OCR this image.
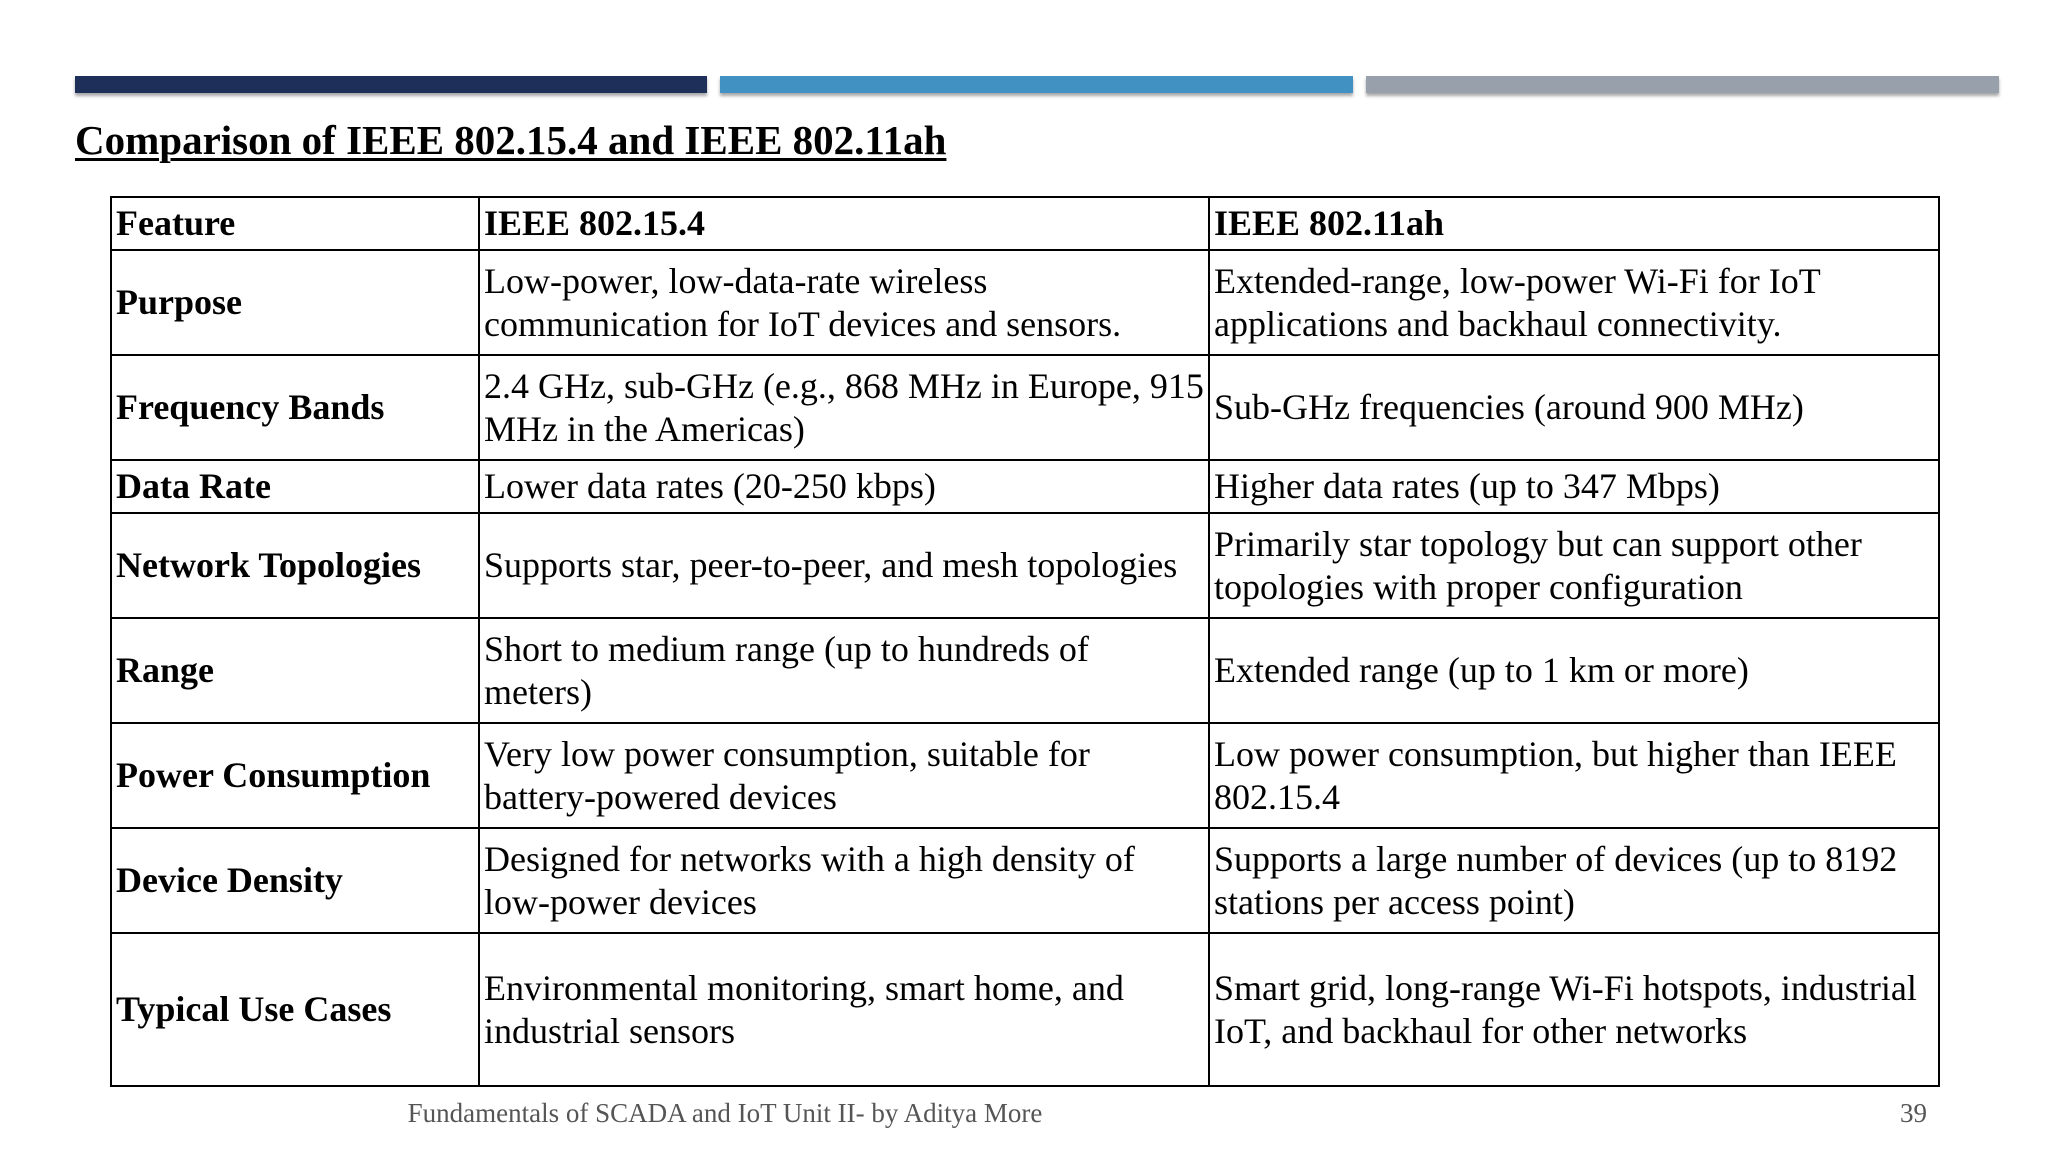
Comparison of IEEE 802.15.4 and IEEE 802.11ah
Feature	IEEE 802.15.4	IEEE 802.11ah
Purpose	Low-power, low-data-rate wireless communication for IoT devices and sensors.	Extended-range, low-power Wi-Fi for IoT applications and backhaul connectivity.
Frequency Bands	2.4 GHz, sub-GHz (e.g., 868 MHz in Europe, 915 MHz in the Americas)	Sub-GHz frequencies (around 900 MHz)
Data Rate	Lower data rates (20-250 kbps)	Higher data rates (up to 347 Mbps)
Network Topologies	Supports star, peer-to-peer, and mesh topologies	Primarily star topology but can support other topologies with proper configuration
Range	Short to medium range (up to hundreds of meters)	Extended range (up to 1 km or more)
Power Consumption	Very low power consumption, suitable for battery-powered devices	Low power consumption, but higher than IEEE 802.15.4
Device Density	Designed for networks with a high density of low-power devices	Supports a large number of devices (up to 8192 stations per access point)
Typical Use Cases	Environmental monitoring, smart home, and industrial sensors	Smart grid, long-range Wi-Fi hotspots, industrial IoT, and backhaul for other networks
Fundamentals of SCADA and IoT Unit II- by Aditya More	39
